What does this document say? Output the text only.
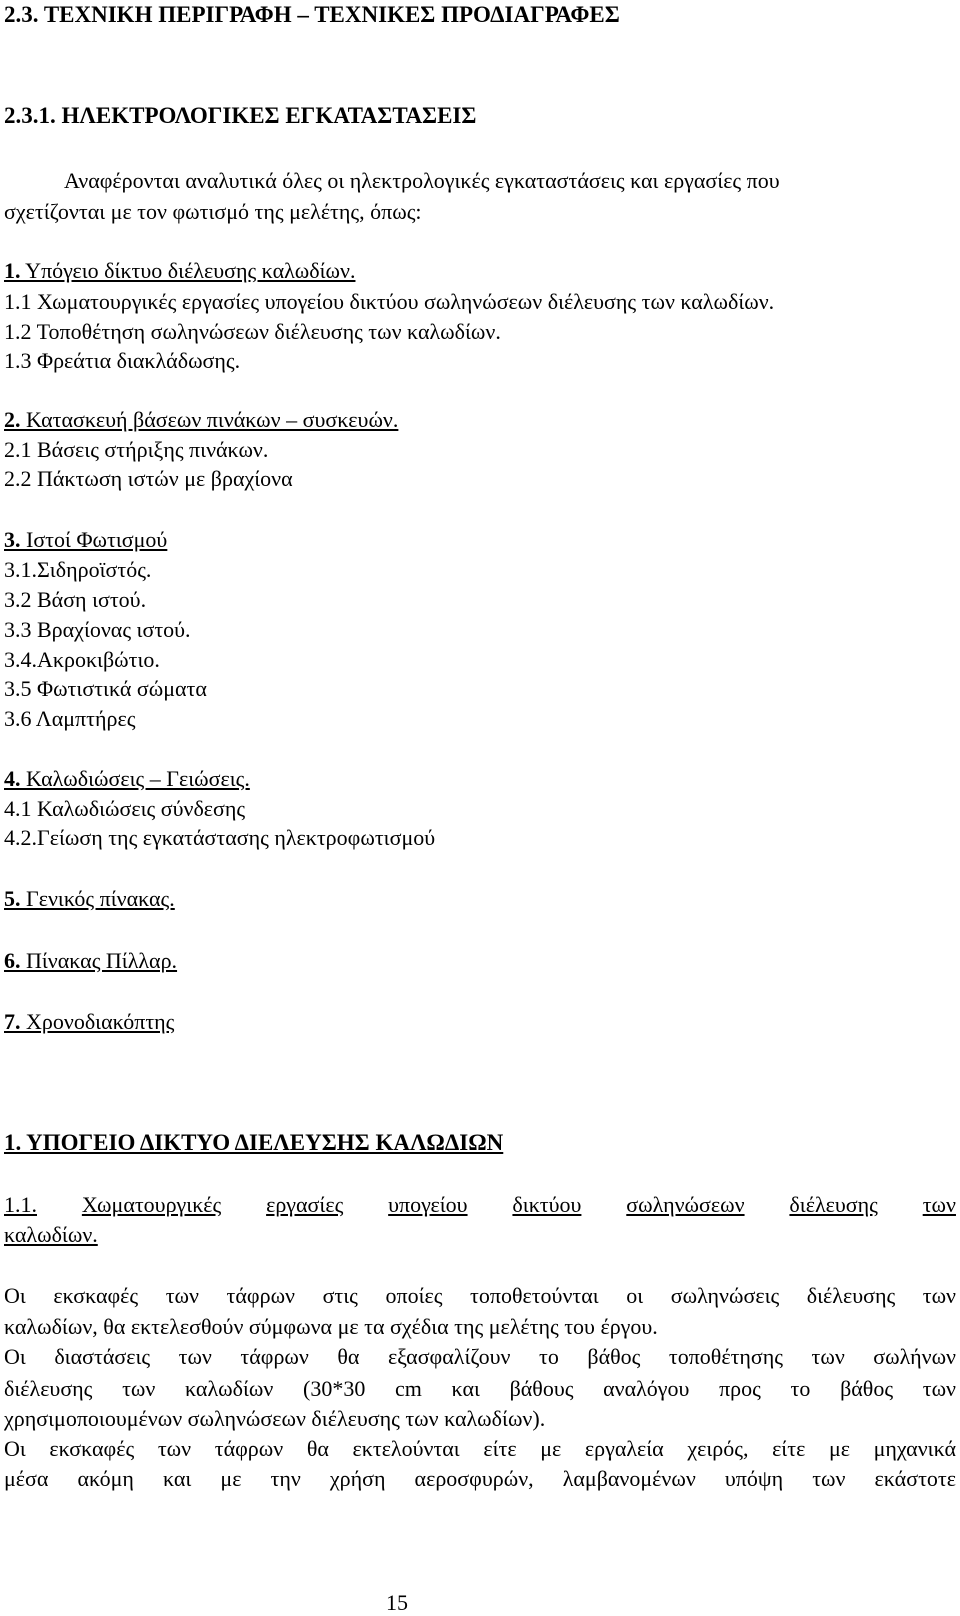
2.3. ΤΕΧΝΙΚΗ ΠΕΡΙΓΡΑΦΗ – ΤΕΧΝΙΚΕΣ ΠΡΟΔΙΑΓΡΑΦΕΣ
2.3.1. ΗΛΕΚΤΡΟΛΟΓΙΚΕΣ ΕΓΚΑΤΑΣΤΑΣΕΙΣ
Αναφέρονται αναλυτικά όλες οι ηλεκτρολογικές εγκαταστάσεις και εργασίες που
σχετίζονται με τον φωτισμό της μελέτης, όπως:
1. Υπόγειο δίκτυο διέλευσης καλωδίων.
1.1 Χωματουργικές εργασίες υπογείου δικτύου σωληνώσεων διέλευσης των καλωδίων.
1.2 Τοποθέτηση σωληνώσεων διέλευσης των καλωδίων.
1.3 Φρεάτια διακλάδωσης.
2. Κατασκευή βάσεων πινάκων – συσκευών.
2.1 Βάσεις στήριξης πινάκων.
2.2 Πάκτωση ιστών με βραχίονα
3. Ιστοί Φωτισμού
3.1.Σιδηροϊστός.
3.2 Βάση ιστού.
3.3 Βραχίονας ιστού.
3.4.Ακροκιβώτιο.
3.5 Φωτιστικά σώματα
3.6 Λαμπτήρες
4. Καλωδιώσεις – Γειώσεις.
4.1 Καλωδιώσεις σύνδεσης
4.2.Γείωση της εγκατάστασης ηλεκτροφωτισμού
5. Γενικός πίνακας.
6. Πίνακας Πίλλαρ.
7. Χρονοδιακόπτης
1. ΥΠΟΓΕΙΟ ΔΙΚΤΥΟ ΔΙΕΛΕΥΣΗΣ ΚΑΛΩΔΙΩΝ
1.1. Χωματουργικές εργασίες υπογείου δικτύου σωληνώσεων διέλευσης των
καλωδίων.
Οι εκσκαφές των τάφρων στις οποίες τοποθετούνται οι σωληνώσεις διέλευσης των
καλωδίων, θα εκτελεσθούν σύμφωνα με τα σχέδια της μελέτης του έργου.
Οι διαστάσεις των τάφρων θα εξασφαλίζουν το βάθος τοποθέτησης των σωλήνων
διέλευσης των καλωδίων (30*30 cm και βάθους αναλόγου προς το βάθος των
χρησιμοποιουμένων σωληνώσεων διέλευσης των καλωδίων).
Οι εκσκαφές των τάφρων θα εκτελούνται είτε με εργαλεία χειρός, είτε με μηχανικά
μέσα ακόμη και με την χρήση αεροσφυρών, λαμβανομένων υπόψη των εκάστοτε
15
